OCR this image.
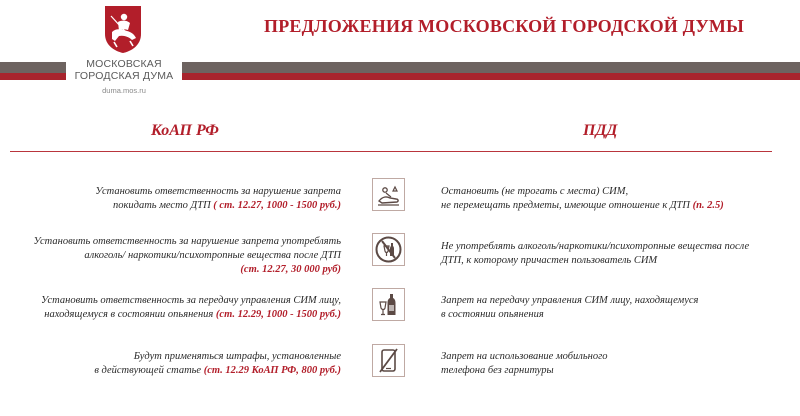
МОСКОВСКАЯ
ГОРОДСКАЯ ДУМА
duma.mos.ru
ПРЕДЛОЖЕНИЯ МОСКОВСКОЙ ГОРОДСКОЙ ДУМЫ
КоАП РФ	ПДД
Установить ответственность за нарушение запрета
покидать место ДТП ( ст. 12.27, 1000 - 1500 руб.)
Остановить (не трогать с места) СИМ,
не перемещать предметы, имеющие отношение к ДТП (п. 2.5)
Установить ответственность за нарушение запрета употреблять
алкоголь/ наркотики/психотропные вещества после ДТП
(ст. 12.27, 30 000 руб)
Не употреблять алкоголь/наркотики/психотропные вещества после
ДТП, к которому причастен пользователь СИМ
Установить ответственность за передачу управления СИМ лицу,
находящемуся в состоянии опьянения (ст. 12.29, 1000 - 1500 руб.)
Запрет на передачу управления СИМ лицу, находящемуся
в состоянии опьянения
Будут применяться штрафы, установленные
в действующей статье (ст. 12.29 КоАП РФ, 800 руб.)
Запрет на использование мобильного
телефона без гарнитуры
